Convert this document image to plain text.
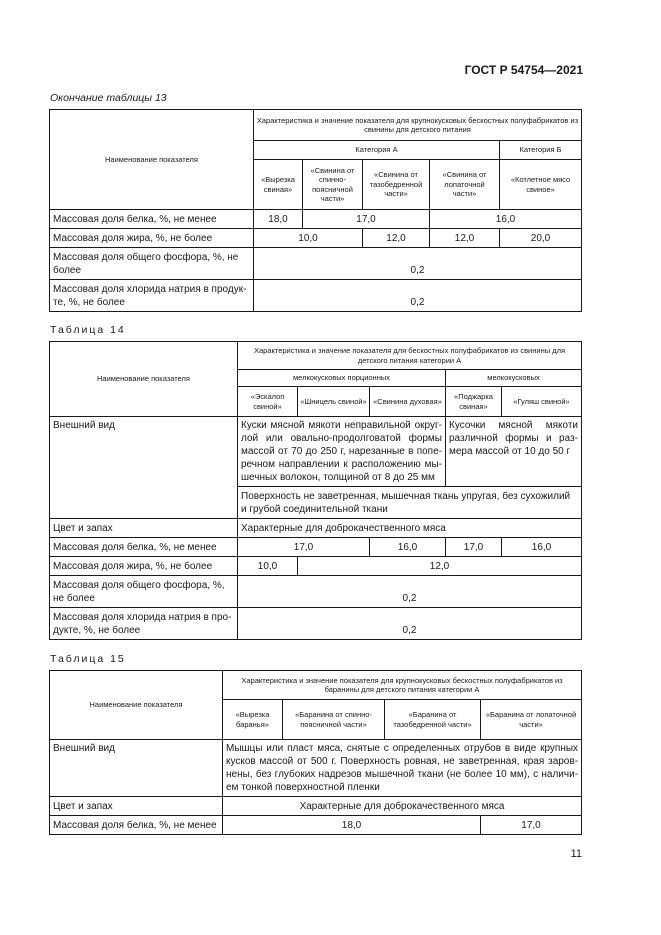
ГОСТ Р 54754—2021
Окончание таблицы 13
Наименование показателя	Характеристика и значение показателя для крупнокусковых бескостных полуфабрикатов из свинины для детского питания				
	Категория А				Категория Б
	«Вырезка свиная»	«Свинина от спинно-поясничной части»	«Свинина от тазобедренной части»	«Свинина от лопаточной части»	«Котлетное мясо свиное»
Массовая доля белка, %, не менее	18,0	17,0		16,0	
Массовая доля жира, %, не более	10,0		12,0	12,0	20,0
Массовая доля общего фосфора, %, не более	0,2				
Массовая доля хлорида натрия в продукте, %, не более	0,2				
Таблица 14
Наименование показателя	Характеристика и значение показателя для бескостных полуфабрикатов из свинины для детского питания категории А				
	мелкокусковых порционных			мелкокусковых	
	«Эскалоп свиной»	«Шницель свиной»	«Свинина духовая»	«Поджарка свиная»	«Гуляш свиной»
Внешний вид	Куски мясной мякоти неправильной округлой или овально-продолговатой формы массой от 70 до 250 г, нарезанные в поперечном направлении к расположению мышечных волокон, толщиной от 8 до 25 мм			Кусочки мясной мякоти различной формы и размера массой от 10 до 50 г	
	Поверхность не заветренная, мышечная ткань упругая, без сухожилий и грубой соединительной ткани				
Цвет и запах	Характерные для доброкачественного мяса				
Массовая доля белка, %, не менее	17,0		16,0	17,0	16,0
Массовая доля жира, %, не более	10,0	12,0			
Массовая доля общего фосфора, %, не более	0,2				
Массовая доля хлорида натрия в продукте, %, не более	0,2				
Таблица 15
Наименование показателя	Характеристика и значение показателя для крупнокусковых бескостных полуфабрикатов из баранины для детского питания категории А			
	«Вырезка баранья»	«Баранина от спинно-поясничной части»	«Баранина от тазобедренной части»	«Баранина от лопаточной части»
Внешний вид	Мышцы или пласт мяса, снятые с определенных отрубов в виде крупных кусков массой от 500 г. Поверхность ровная, не заветренная, края заровнены, без глубоких надрезов мышечной ткани (не более 10 мм), с наличием тонкой поверхностной пленки			
Цвет и запах	Характерные для доброкачественного мяса			
Массовая доля белка, %, не менее	18,0			17,0
11
